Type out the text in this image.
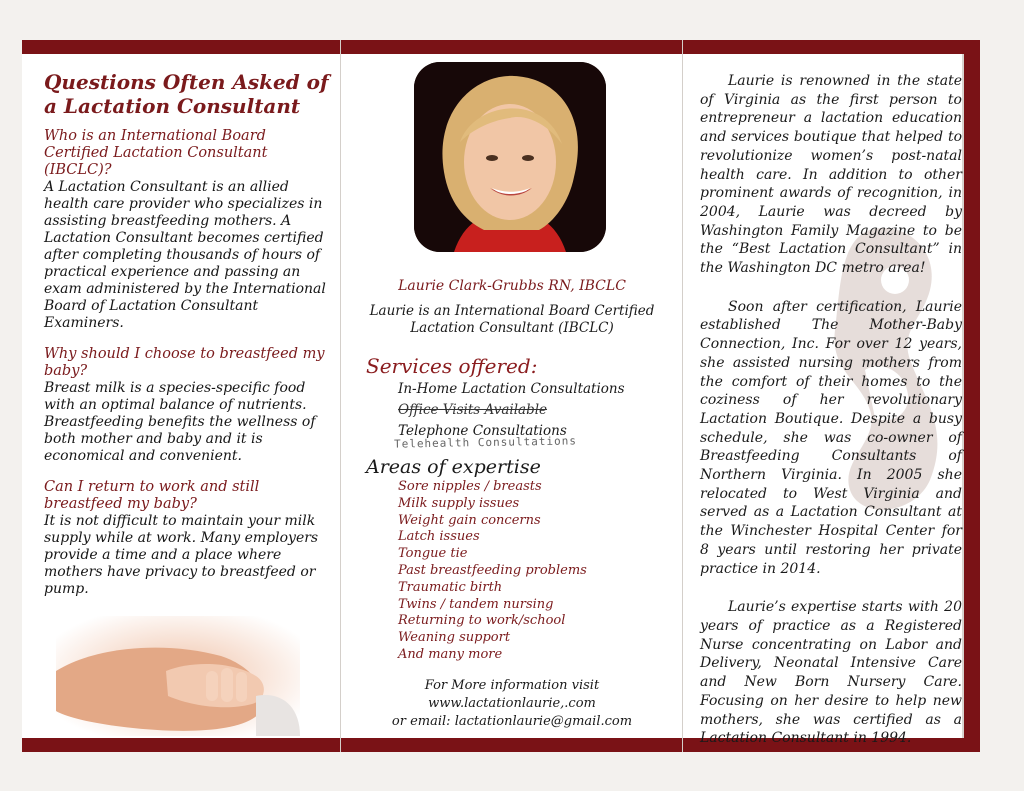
Questions Often Asked of a Lactation Consultant

Who is an International Board Certified Lactation Consultant (IBCLC)?

A Lactation Consultant is an allied health care provider who specializes in assisting breastfeeding mothers. A Lactation Consultant becomes certified after completing thousands of hours of practical experience and passing an exam administered by the International Board of Lactation Consultant Examiners.

Why should I choose to breastfeed my baby?

Breast milk is a species-specific food with an optimal balance of nutrients. Breastfeeding benefits the wellness of both mother and baby and it is economical and convenient.

Can I return to work and still breastfeed my baby?

It is not difficult to maintain your milk supply while at work. Many employers provide a time and a place where mothers have privacy to breastfeed or pump.

Laurie Clark-Grubbs RN, IBCLC
Laurie is an International Board Certified Lactation Consultant (IBCLC)
Services offered:
In-Home Lactation Consultations
Office Visits Available
Telephone Consultations
Telehealth Consultations
Areas of expertise
Sore nipples / breasts
Milk supply issues
Weight gain concerns
Latch issues
Tongue tie
Past breastfeeding problems
Traumatic birth
Twins / tandem nursing
Returning to work/school
Weaning support
And many more
For More information visit
www.lactationlaurie,.com
or email: lactationlaurie@gmail.com

Laurie is renowned in the state of Virginia as the first person to entrepreneur a lactation education and services boutique that helped to revolutionize women’s post-natal health care. In addition to other prominent awards of recognition, in 2004, Laurie was decreed by Washington Family Magazine to be the “Best Lactation Consultant” in the Washington DC metro area!

Soon after certification, Laurie established The Mother-Baby Connection, Inc. For over 12 years, she assisted nursing mothers from the comfort of their homes to the coziness of her revolutionary Lactation Boutique. Despite a busy schedule, she was co-owner of Breastfeeding Consultants of Northern Virginia. In 2005 she relocated to West Virginia and served as a Lactation Consultant at the Winchester Hospital Center for 8 years until restoring her private practice in 2014.

Laurie’s expertise starts with 20 years of practice as a Registered Nurse concentrating on Labor and Delivery, Neonatal Intensive Care and New Born Nursery Care. Focusing on her desire to help new mothers, she was certified as a Lactation Consultant in 1994.
